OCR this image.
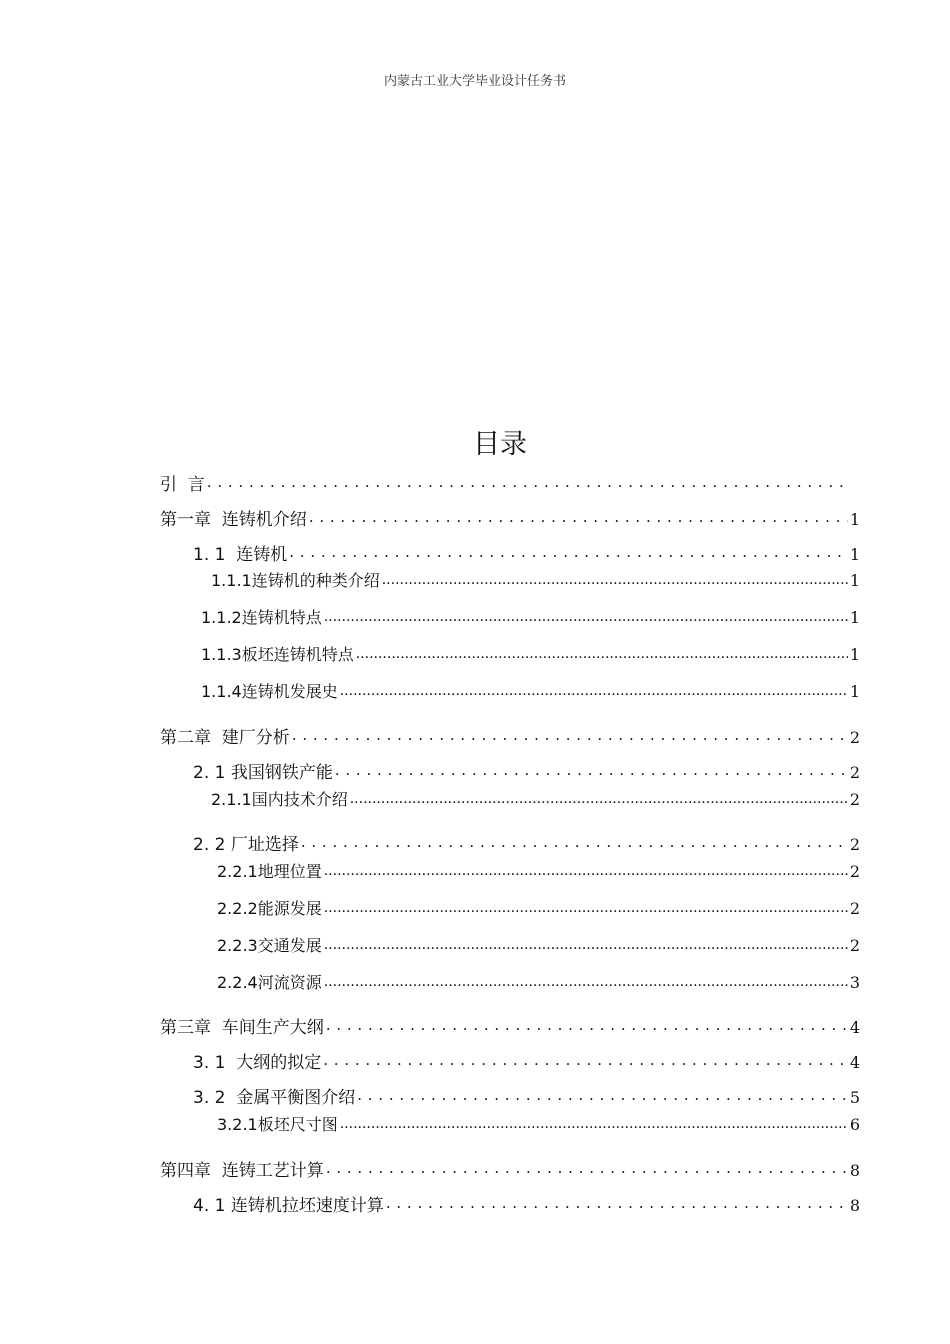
内蒙古工业大学毕业设计任务书
目录
引  言
. . .
第一章  连铸机介绍 . . .	1
1. 1  连铸机 . . .	1
1.1.1连铸机的种类介绍 .....	1
1.1.2连铸机特点 .....	1
1.1.3板坯连铸机特点 .....	1
1.1.4连铸机发展史 .....	1
第二章  建厂分析 . . .	2
2. 1 我国钢铁产能 . . .	2
2.1.1国内技术介绍 .....	2
2. 2 厂址选择 . . .	2
2.2.1地理位置 .....	2
2.2.2能源发展 .....	2
2.2.3交通发展 .....	2
2.2.4河流资源 .....	3
第三章  车间生产大纲 . . .	4
3. 1  大纲的拟定 . . .	4
3. 2  金属平衡图介绍 . . .	5
3.2.1板坯尺寸图 .....	6
第四章  连铸工艺计算 . . .	8
4. 1 连铸机拉坯速度计算 . . .	8
